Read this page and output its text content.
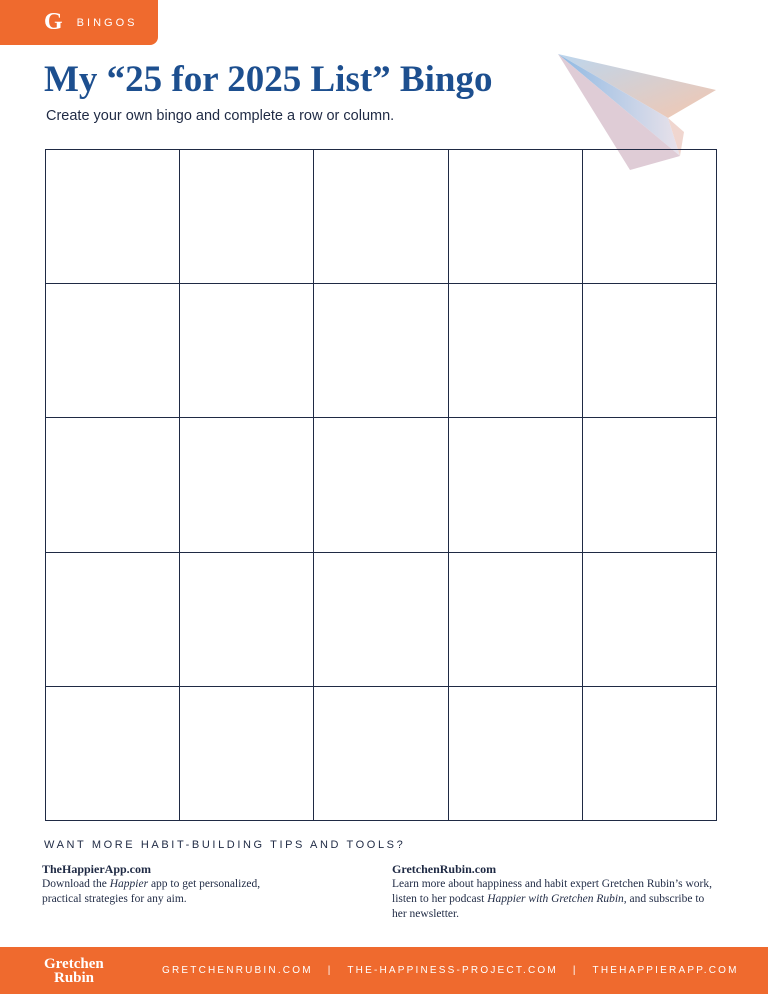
G BINGOS
My “25 for 2025 List” Bingo
Create your own bingo and complete a row or column.
WANT MORE HABIT-BUILDING TIPS AND TOOLS?
TheHappierApp.com
Download the Happier app to get personalized, practical strategies for any aim.
GretchenRubin.com
Learn more about happiness and habit expert Gretchen Rubin’s work, listen to her podcast Happier with Gretchen Rubin, and subscribe to her newsletter.
Gretchen
Rubin	GRETCHENRUBIN.COM | THE-HAPPINESS-PROJECT.COM | THEHAPPIERAPP.COM
